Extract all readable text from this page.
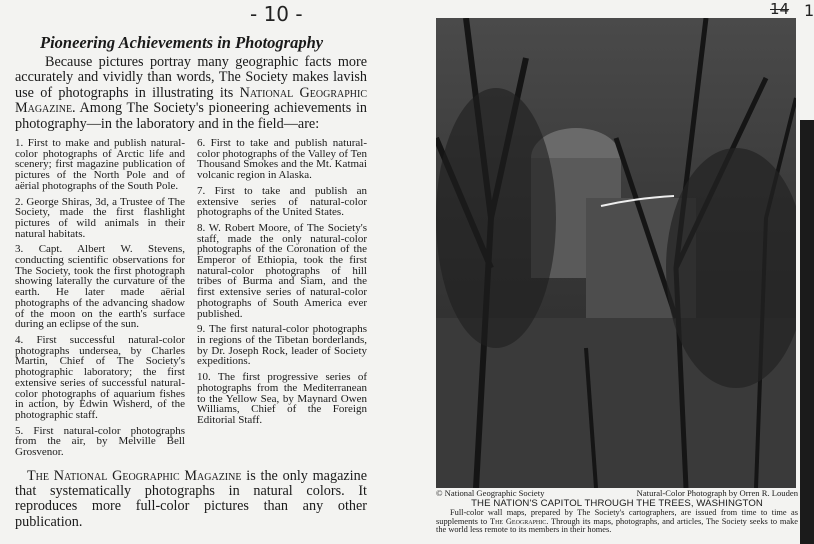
- 10 -	14 1
Pioneering Achievements in Photography

Because pictures portray many geographic facts more accurately and vividly than words, The Society makes lavish use of photographs in illustrating its National Geographic Magazine. Among The Society's pioneering achievements in photography—in the laboratory and in the field—are:

1. First to make and publish natural-color photographs of Arctic life and scenery; first magazine publication of pictures of the North Pole and of aërial photographs of the South Pole.

2. George Shiras, 3d, a Trustee of The Society, made the first flashlight pictures of wild animals in their natural habitats.

3. Capt. Albert W. Stevens, conducting scientific observations for The Society, took the first photograph showing laterally the curvature of the earth. He later made aërial photographs of the advancing shadow of the moon on the earth's surface during an eclipse of the sun.

4. First successful natural-color photographs undersea, by Charles Martin, Chief of The Society's photographic laboratory; the first extensive series of successful natural-color photographs of aquarium fishes in action, by Edwin Wisherd, of the photographic staff.

5. First natural-color photographs from the air, by Melville Bell Grosvenor.

6. First to take and publish natural-color photographs of the Valley of Ten Thousand Smokes and the Mt. Katmai volcanic region in Alaska.

7. First to take and publish an extensive series of natural-color photographs of the United States.

8. W. Robert Moore, of The Society's staff, made the only natural-color photographs of the Coronation of the Emperor of Ethiopia, took the first natural-color photographs of hill tribes of Burma and Siam, and the first extensive series of natural-color photographs of South America ever published.

9. The first natural-color photographs in regions of the Tibetan borderlands, by Dr. Joseph Rock, leader of Society expeditions.

10. The first progressive series of photographs from the Mediterranean to the Yellow Sea, by Maynard Owen Williams, Chief of the Foreign Editorial Staff.

The National Geographic Magazine is the only magazine that systematically photographs in natural colors. It reproduces more full-color pictures than any other publication.

© National Geographic Society	Natural-Color Photograph by Orren R. Louden
THE NATION'S CAPITOL THROUGH THE TREES, WASHINGTON

Full-color wall maps, prepared by The Society's cartographers, are issued from time to time as supplements to The Geographic. Through its maps, photographs, and articles, The Society seeks to make the world less remote to its members in their homes.
